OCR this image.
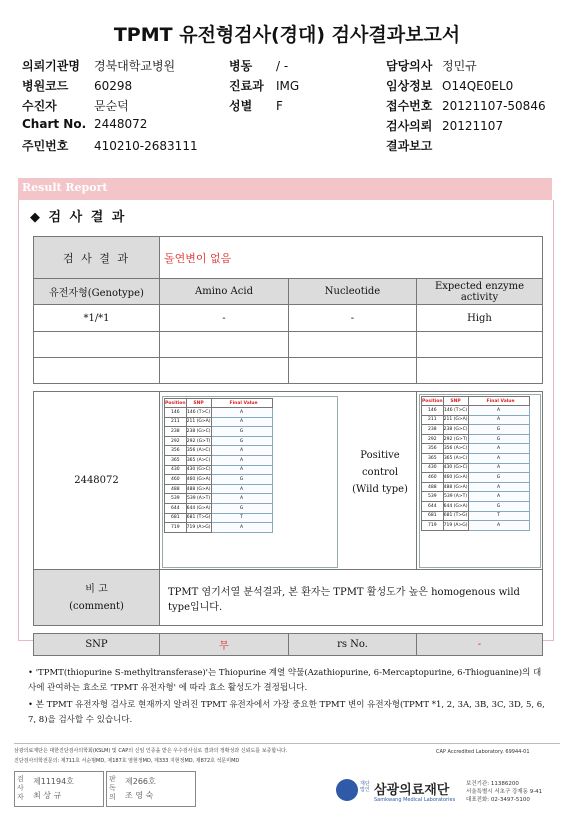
TPMT 유전형검사(경대) 검사결과보고서
의뢰기관명 경북대학교병원
병원코드 60298
수진자	문순덕
Chart No. 2448072
주민번호 410210-2683111
병동 / -
진료과 IMG
성별 F
담당의사 정민규
임상정보 O14QE0EL0
접수번호 20121107-50846
검사의뢰 20121107
결과보고
Result Report
◆ 검 사 결 과
검 사 결 과	돌연변이 없음
유전자형(Genotype)	Amino Acid	Nucleotide	Expected enzyme activity
*1/*1	-	-	High

2448072	
Position	SNP	Final Value
146	146 (T>C)	A
211	211 (G>A)	A
238	238 (G>C)	G
292	292 (G>T)	G
356	356 (A>C)	A
365	365 (A>C)	A
430	430 (G>C)	A
460	460 (G>A)	G
488	488 (G>A)	A
539	539 (A>T)	A
644	644 (G>A)	G
681	681 (T>G)	T
719	719 (A>G)	A
Positive
control
(Wild type)

Position	SNP	Final Value
146	146 (T>C)	A
211	211 (G>A)	A
238	238 (G>C)	G
292	292 (G>T)	G
356	356 (A>C)	A
365	365 (A>C)	A
430	430 (G>C)	A
460	460 (G>A)	G
488	488 (G>A)	A
539	539 (A>T)	A
644	644 (G>A)	G
681	681 (T>G)	T
719	719 (A>G)	A

비 고
(comment)
	TPMT 염기서열 분석결과, 본 환자는 TPMT 활성도가 높은 homogenous wild type입니다.

SNP	무	rs No.	-
• 'TPMT(thiopurine S-methyltransferase)'는 Thiopurine 계열 약물(Azathiopurine, 6-Mercaptopurine, 6-Thioguanine)의 대사에 관여하는 효소로 'TPMT 유전자형' 에 따라 효소 활성도가 결정됩니다.
• 본 TPMT 유전자형 검사로 현재까지 알려진 TPMT 유전자에서 가장 중요한 TPMT 변이 유전자형(TPMT *1, 2, 3A, 3B, 3C, 3D, 5, 6, 7, 8)을 검사할 수 있습니다.
삼광의료재단은 대한진단검사의학회(KSLM) 및 CAP의 신임 인증을 받은 우수검사실로 결과의 정확성과 신뢰도를 보증합니다.
진단검사의학전문의: 제711호 서순범MD, 제187호 염현정MD, 제333 지현정MD, 제872호 석문미MD
CAP Accredited Laboratory. 69944-01
검사자
제11194호
최 상 규
판독의
제266호
조 영 숙
재단법인 삼광의료재단
Samkwang Medical Laboratories
보건기관: 11386200
서울특별시 서초구 강재동 9-41
대표전화: 02-3497-5100
